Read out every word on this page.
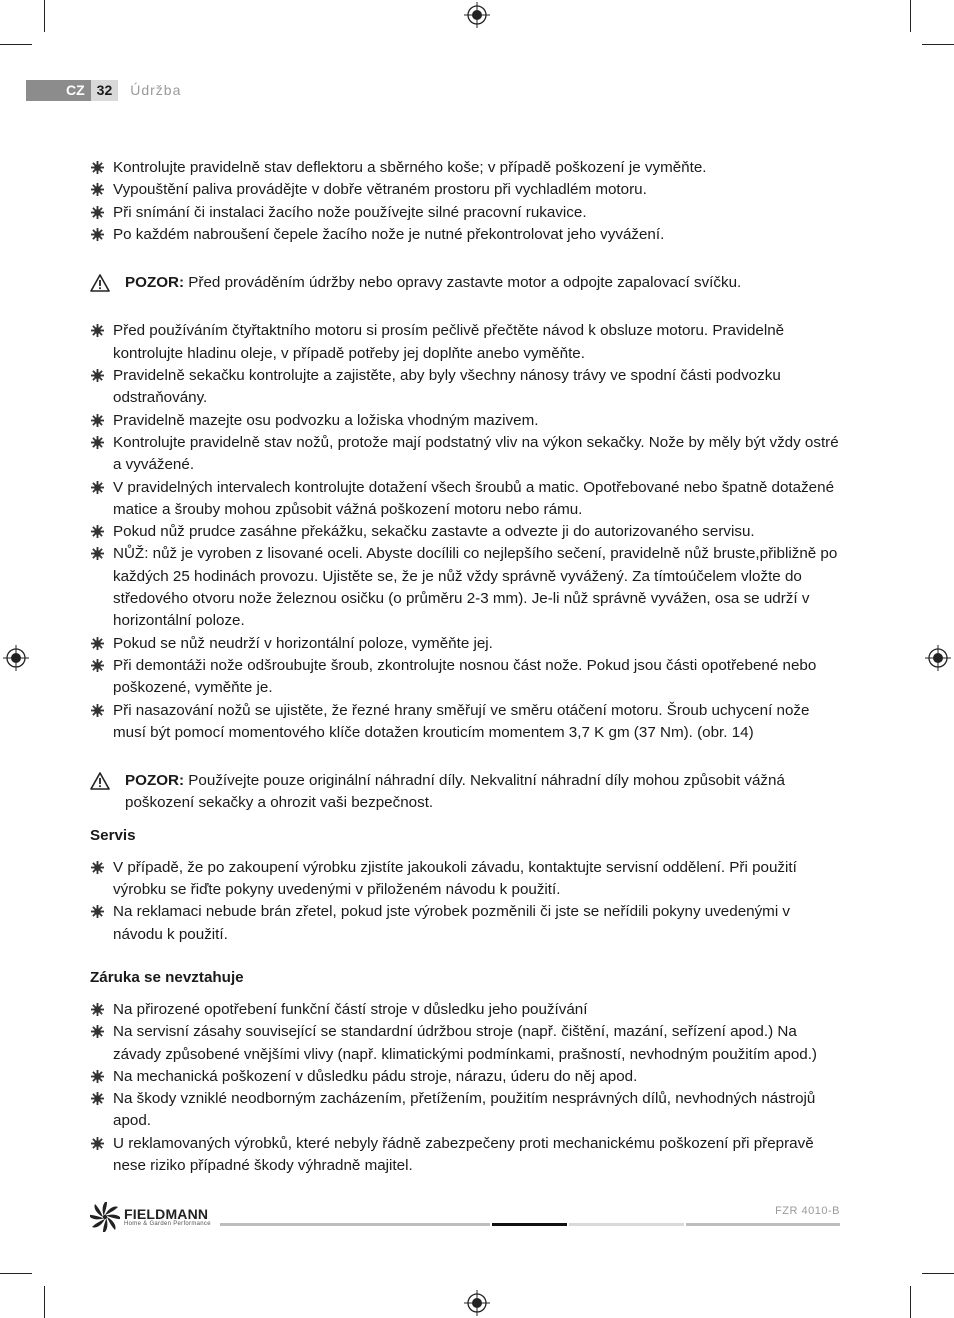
CZ 32	Údržba
Kontrolujte pravidelně stav deflektoru a sběrného koše; v případě poškození je vyměňte.
Vypouštění paliva provádějte v dobře větraném prostoru při vychladlém motoru.
Při snímání či instalaci žacího nože používejte silné pracovní rukavice.
Po každém nabroušení čepele žacího nože je nutné překontrolovat jeho vyvážení.
POZOR: Před prováděním údržby nebo opravy zastavte motor a odpojte zapalovací svíčku.
Před používáním čtyřtaktního motoru si prosím pečlivě přečtěte návod k obsluze motoru. Pravidelně kontrolujte hladinu oleje, v případě potřeby jej doplňte anebo vyměňte.
Pravidelně sekačku kontrolujte a zajistěte, aby byly všechny nánosy trávy ve spodní části podvozku odstraňovány.
Pravidelně mazejte osu podvozku a ložiska vhodným mazivem.
Kontrolujte pravidelně stav nožů, protože mají podstatný vliv na výkon sekačky. Nože by měly být vždy ostré a vyvážené.
V pravidelných intervalech kontrolujte dotažení všech šroubů a matic. Opotřebované nebo špatně dotažené matice a šrouby mohou způsobit vážná poškození motoru nebo rámu.
Pokud nůž prudce zasáhne překážku, sekačku zastavte a odvezte ji do autorizovaného servisu.
NŮŽ: nůž je vyroben z lisované oceli. Abyste docílili co nejlepšího sečení, pravidelně nůž bruste,přibližně po každých 25 hodinách provozu. Ujistěte se, že je nůž vždy správně vyvážený. Za tímtoúčelem vložte do středového otvoru nože železnou osičku (o průměru 2-3 mm). Je-li nůž správně vyvážen, osa se udrží v horizontální poloze.
Pokud se nůž neudrží v horizontální poloze, vyměňte jej.
Při demontáži nože odšroubujte šroub, zkontrolujte nosnou část nože. Pokud jsou části opotřebené nebo poškozené, vyměňte je.
Při nasazování nožů se ujistěte, že řezné hrany směřují ve směru otáčení motoru. Šroub uchycení nože musí být pomocí momentového klíče dotažen krouticím momentem 3,7 K gm (37 Nm). (obr. 14)
POZOR: Používejte pouze originální náhradní díly. Nekvalitní náhradní díly mohou způsobit vážná poškození sekačky a ohrozit vaši bezpečnost.
Servis
V případě, že po zakoupení výrobku zjistíte jakoukoli závadu, kontaktujte servisní oddělení. Při použití výrobku se řiďte pokyny uvedenými v přiloženém návodu k použití.
Na reklamaci nebude brán zřetel, pokud jste výrobek pozměnili či jste se neřídili pokyny uvedenými v návodu k použití.
Záruka se nevztahuje
Na přirozené opotřebení funkční částí stroje v důsledku jeho používání
Na servisní zásahy související se standardní údržbou stroje (např. čištění, mazání, seřízení apod.) Na závady způsobené vnějšími vlivy (např. klimatickými podmínkami, prašností, nevhodným použitím apod.)
Na mechanická poškození v důsledku pádu stroje, nárazu, úderu do něj apod.
Na škody vzniklé neodborným zacházením, přetížením, použitím nesprávných dílů, nevhodných nástrojů apod.
U reklamovaných výrobků, které nebyly řádně zabezpečeny proti mechanickému poškození při přepravě nese riziko případné škody výhradně majitel.
FIELDMANN
Home & Garden Performance
FZR 4010-B
